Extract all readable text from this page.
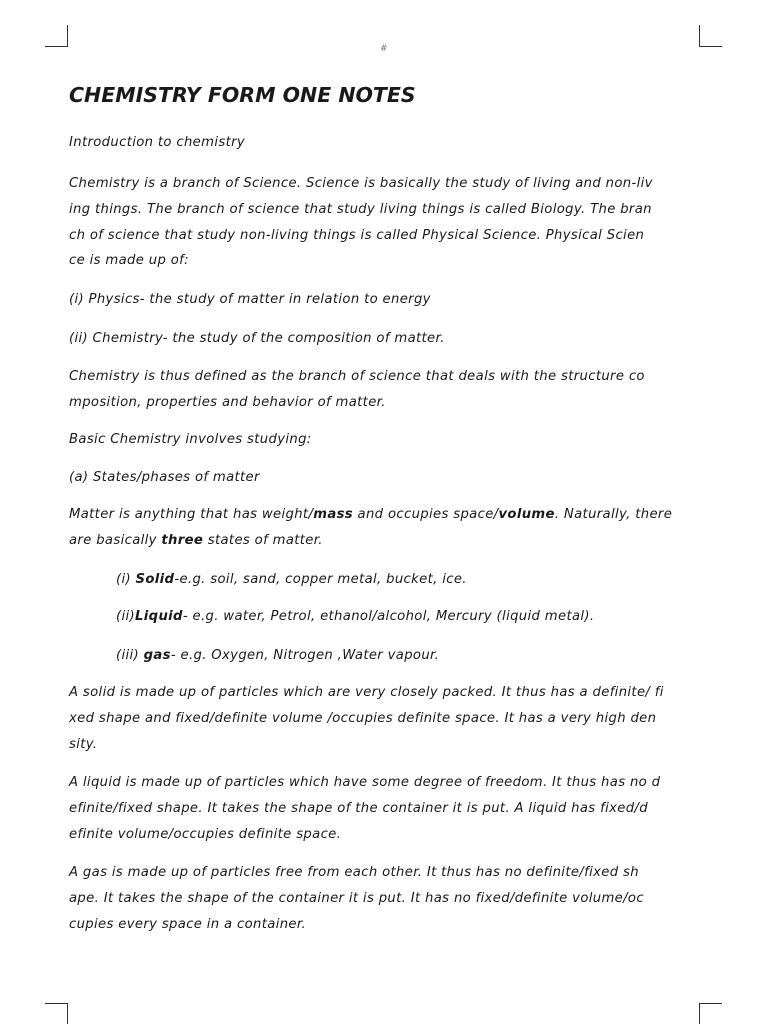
#
CHEMISTRY FORM ONE NOTES

Introduction to chemistry

Chemistry is a branch of Science. Science is basically the study of living and non-liv
ing things. The branch of science that study living things is called Biology. The bran
ch of science that study non-living things is called Physical Science. Physical Scien
ce is made up of:

(i) Physics- the study of matter in relation to energy

(ii) Chemistry- the study of the composition of matter.

Chemistry is thus defined as the branch of science that deals with the structure co
mposition, properties and behavior of matter.

Basic Chemistry involves studying:

(a) States/phases of matter

Matter is anything that has weight/mass and occupies space/volume. Naturally, there
are basically three states of matter.

(i) Solid-e.g. soil, sand, copper metal, bucket, ice.

(ii)Liquid- e.g. water, Petrol, ethanol/alcohol, Mercury (liquid metal).

(iii) gas- e.g. Oxygen, Nitrogen ,Water vapour.

A solid is made up of particles which are very closely packed. It thus has a definite/ fi
xed shape and fixed/definite volume /occupies definite space. It has a very high den
sity.
A liquid is made up of particles which have some degree of freedom. It thus has no d
efinite/fixed shape. It takes the shape of the container it is put. A liquid has fixed/d
efinite volume/occupies definite space.
A gas is made up of particles free from each other. It thus has no definite/fixed sh
ape. It takes the shape of the container it is put. It has no fixed/definite volume/oc
cupies every space in a container.
